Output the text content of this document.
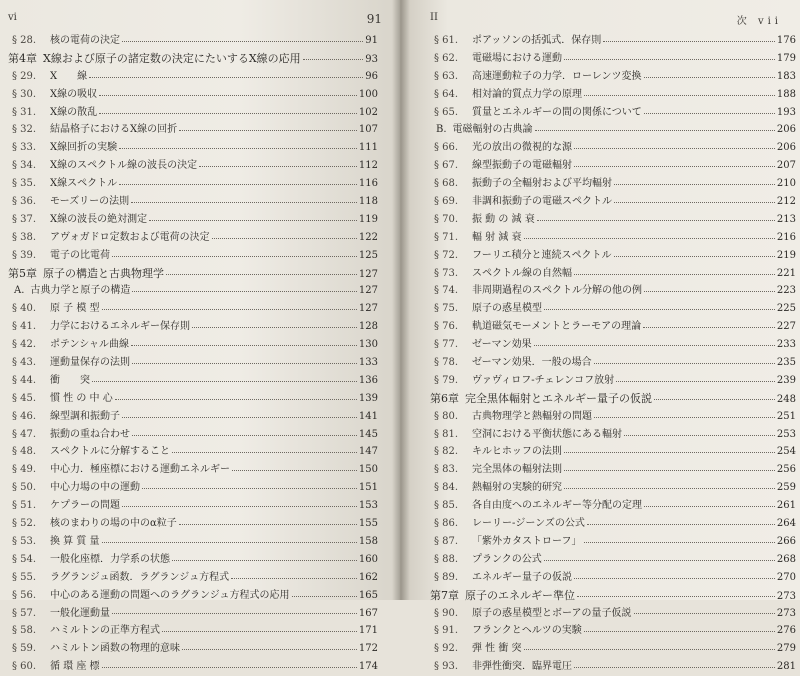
vi	91
§ 28.	核の電荷の決定	91
第4章 X線および原子の諸定数の決定にたいするX線の応用	93
§ 29.	X　　線	96
§ 30.	X線の吸収	100
§ 31.	X線の散乱	102
§ 32.	結晶格子におけるX線の回折	107
§ 33.	X線回折の実験	111
§ 34.	X線のスペクトル線の波長の決定	112
§ 35.	X線スペクトル	116
§ 36.	モーズリーの法則	118
§ 37.	X線の波長の絶対測定	119
§ 38.	アヴォガドロ定数および電荷の決定	122
§ 39.	電子の比電荷	125
第5章 原子の構造と古典物理学	127
A. 古典力学と原子の構造	127
§ 40.	原 子 模 型	127
§ 41.	力学におけるエネルギー保存則	128
§ 42.	ポテンシャル曲線	130
§ 43.	運動量保存の法則	133
§ 44.	衝　　突	136
§ 45.	慣 性 の 中 心	139
§ 46.	線型調和振動子	141
§ 47.	振動の重ね合わせ	145
§ 48.	スペクトルに分解すること	147
§ 49.	中心力．極座標における運動エネルギー	150
§ 50.	中心力場の中の運動	151
§ 51.	ケプラーの問題	153
§ 52.	核のまわりの場の中のα粒子	155
§ 53.	換 算 質 量	158
§ 54.	一般化座標．力学系の状態	160
§ 55.	ラグランジュ函数．ラグランジュ方程式	162
§ 56.	中心のある運動の問題へのラグランジュ方程式の応用	165
§ 57.	一般化運動量	167
§ 58.	ハミルトンの正準方程式	171
§ 59.	ハミルトン函数の物理的意味	172
§ 60.	循 環 座 標	174
II	次 vii
§ 61.	ポアッソンの括弧式．保存則	176
§ 62.	電磁場における運動	179
§ 63.	高速運動粒子の力学．ローレンツ変換	183
§ 64.	相対論的質点力学の原理	188
§ 65.	質量とエネルギーの間の関係について	193
B. 電磁輻射の古典論	206
§ 66.	光の放出の微視的な源	206
§ 67.	線型振動子の電磁輻射	207
§ 68.	振動子の全輻射および平均輻射	210
§ 69.	非調和振動子の電磁スペクトル	212
§ 70.	振 動 の 減 衰	213
§ 71.	輻 射 減 衰	216
§ 72.	フーリエ積分と連続スペクトル	219
§ 73.	スペクトル線の自然幅	221
§ 74.	非周期過程のスペクトル分解の他の例	223
§ 75.	原子の惑星模型	225
§ 76.	軌道磁気モーメントとラーモアの理論	227
§ 77.	ゼーマン効果	233
§ 78.	ゼーマン効果．一般の場合	235
§ 79.	ヴァヴィロフ-チェレンコフ放射	239
第6章 完全黒体輻射とエネルギー量子の仮説	248
§ 80.	古典物理学と熱輻射の問題	251
§ 81.	空洞における平衡状態にある輻射	253
§ 82.	キルヒホッフの法則	254
§ 83.	完全黒体の輻射法則	256
§ 84.	熱輻射の実験的研究	259
§ 85.	各自由度へのエネルギー等分配の定理	261
§ 86.	レーリー-ジーンズの公式	264
§ 87.	「紫外カタストローフ」	266
§ 88.	プランクの公式	268
§ 89.	エネルギー量子の仮説	270
第7章 原子のエネルギー準位	273
§ 90.	原子の惑星模型とボーアの量子仮説	273
§ 91.	フランクとヘルツの実験	276
§ 92.	弾 性 衝 突	279
§ 93.	非弾性衝突．臨界電圧	281
